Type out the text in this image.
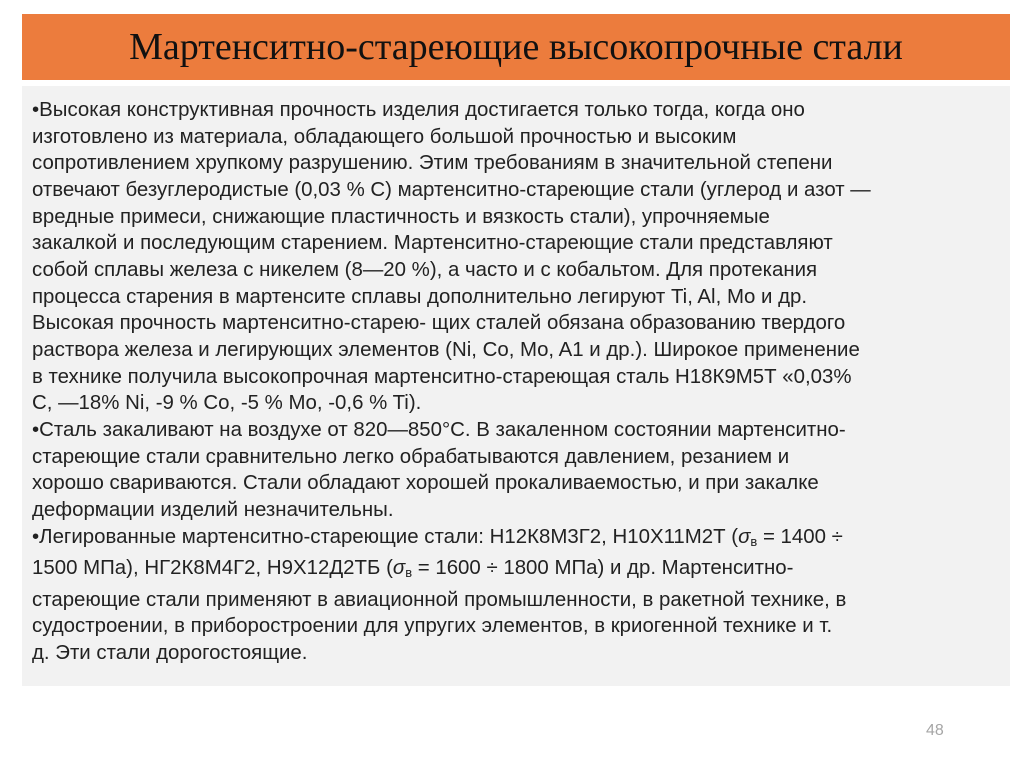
Мартенситно-стареющие высокопрочные стали
•Высокая конструктивная прочность изделия достигается только тогда, когда оно
изготовлено из материала, обладающего большой прочностью и высоким
сопротивлением хрупкому разрушению. Этим требованиям в значительной степени
отвечают безуглеродистые (0,03 % С) мартенситно-стареющие стали (углерод и азот —
вредные примеси, снижающие пластичность и вязкость стали), упрочняемые
закалкой и последующим старением. Мартенситно-стареющие стали представляют
собой сплавы железа с никелем (8—20 %), а часто и с кобальтом. Для протекания
процесса старения в мартенсите сплавы дополнительно легируют Ti, Al, Mo и др.
Высокая прочность мартенситно-старею- щих сталей обязана образованию твердого
раствора железа и легирующих элементов (Ni, Co, Mo, A1 и др.). Широкое применение
в технике получила высокопрочная мартенситно-стареющая сталь Н18К9М5Т «0,03%
С, —18% Ni, -9 % Co, -5 % Mo, -0,6 % Ti).
•Сталь закаливают на воздухе от 820—850°С. В закаленном состоянии мартенситно-
стареющие стали сравнительно легко обрабатываются давлением, резанием и
хорошо свариваются. Стали обладают хорошей прокаливаемостью, и при закалке
деформации изделий незначительны.
•Легированные мартенситно-стареющие стали: Н12К8М3Г2, Н10Х11М2Т ($\sigma_в = 1400$ ÷
1500 МПа), НГ2К8М4Г2, Н9Х12Д2ТБ ($\sigma_в = 1600 \div 1800$ МПа) и др. Мартенситно-
стареющие стали применяют в авиационной промышленности, в ракетной технике, в
судостроении, в приборостроении для упругих элементов, в криогенной технике и т.
д. Эти стали дорогостоящие.
48
